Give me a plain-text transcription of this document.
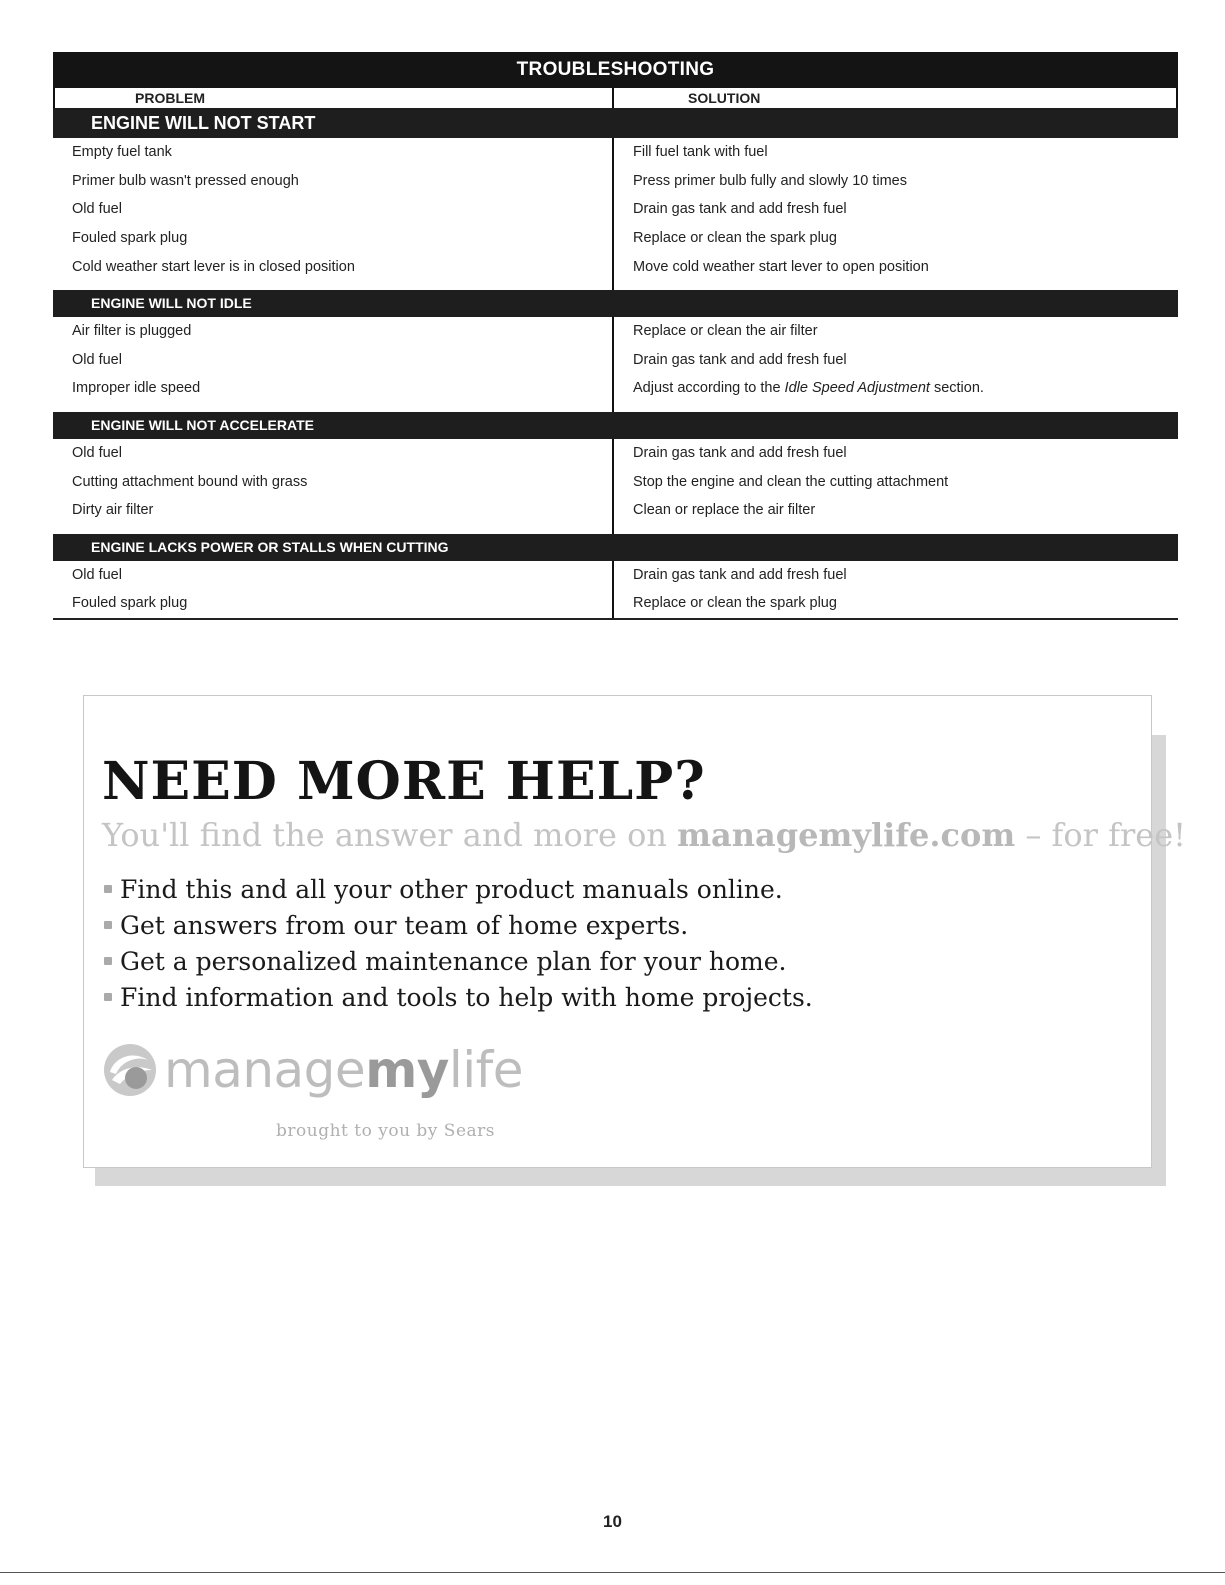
TROUBLESHOOTING
PROBLEM	SOLUTION
ENGINE WILL NOT START
Empty fuel tank	Fill fuel tank with fuel
Primer bulb wasn't pressed enough	Press primer bulb fully and slowly 10 times
Old fuel	Drain gas tank and add fresh fuel
Fouled spark plug	Replace or clean the spark plug
Cold weather start lever is in closed position	Move cold weather start lever to open position
ENGINE WILL NOT IDLE
Air filter is plugged	Replace or clean the air filter
Old fuel	Drain gas tank and add fresh fuel
Improper idle speed	Adjust according to the Idle Speed Adjustment section.
ENGINE WILL NOT ACCELERATE
Old fuel	Drain gas tank and add fresh fuel
Cutting attachment bound with grass	Stop the engine and clean the cutting attachment
Dirty air filter	Clean or replace the air filter
ENGINE LACKS POWER OR STALLS WHEN CUTTING
Old fuel	Drain gas tank and add fresh fuel
Fouled spark plug	Replace or clean the spark plug
NEED MORE HELP?
You'll find the answer and more on managemylife.com – for free!
Find this and all your other product manuals online.
Get answers from our team of home experts.
Get a personalized maintenance plan for your home.
Find information and tools to help with home projects.
managemylife
brought to you by Sears
10
